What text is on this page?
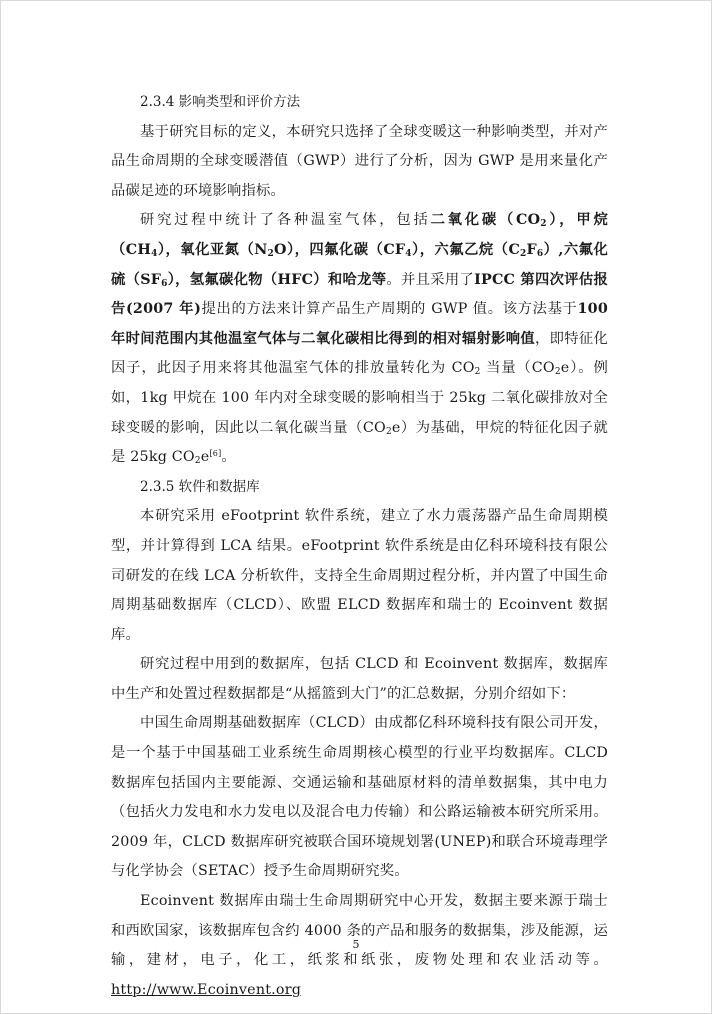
2.3.4 影响类型和评价方法

基于研究目标的定义，本研究只选择了全球变暖这一种影响类型，并对产品生命周期的全球变暖潜值（GWP）进行了分析，因为 GWP 是用来量化产品碳足迹的环境影响指标。

研究过程中统计了各种温室气体，包括二氧化碳$(CO_2)$，甲烷$(CH_4)$，氧化亚氮$(N_2O)$，四氟化碳$(CF_4)$，六氟乙烷$(C_2F_6)$,六氟化硫$(SF_6)$，氢氟碳化物（HFC）和哈龙等。并且采用了IPCC 第四次评估报告(2007 年)提出的方法来计算产品生产周期的 GWP 值。该方法基于100 年时间范围内其他温室气体与二氧化碳相比得到的相对辐射影响值，即特征化因子，此因子用来将其他温室气体的排放量转化为 $CO_2$ 当量$(CO_2e)$。例如，1kg 甲烷在 100 年内对全球变暖的影响相当于 25kg 二氧化碳排放对全球变暖的影响，因此以二氧化碳当量$(CO_2e)$为基础，甲烷的特征化因子就是 25kg $CO_2e[6]$。

2.3.5 软件和数据库

本研究采用 eFootprint 软件系统，建立了水力震荡器产品生命周期模型，并计算得到 LCA 结果。eFootprint 软件系统是由亿科环境科技有限公司研发的在线 LCA 分析软件，支持全生命周期过程分析，并内置了中国生命周期基础数据库（CLCD）、欧盟 ELCD 数据库和瑞士的 Ecoinvent 数据库。

研究过程中用到的数据库，包括 CLCD 和 Ecoinvent 数据库，数据库中生产和处置过程数据都是“从摇篮到大门”的汇总数据，分别介绍如下：

中国生命周期基础数据库（CLCD）由成都亿科环境科技有限公司开发，是一个基于中国基础工业系统生命周期核心模型的行业平均数据库。CLCD 数据库包括国内主要能源、交通运输和基础原材料的清单数据集，其中电力（包括火力发电和水力发电以及混合电力传输）和公路运输被本研究所采用。2009 年，CLCD 数据库研究被联合国环境规划署(UNEP)和联合环境毒理学与化学协会（SETAC）授予生命周期研究奖。

Ecoinvent 数据库由瑞士生命周期研究中心开发，数据主要来源于瑞士和西欧国家，该数据库包含约 4000 条的产品和服务的数据集，涉及能源，运输，建材，电子，化工，纸浆和纸张，废物处理和农业活动等。http://www.Ecoinvent.org

5
